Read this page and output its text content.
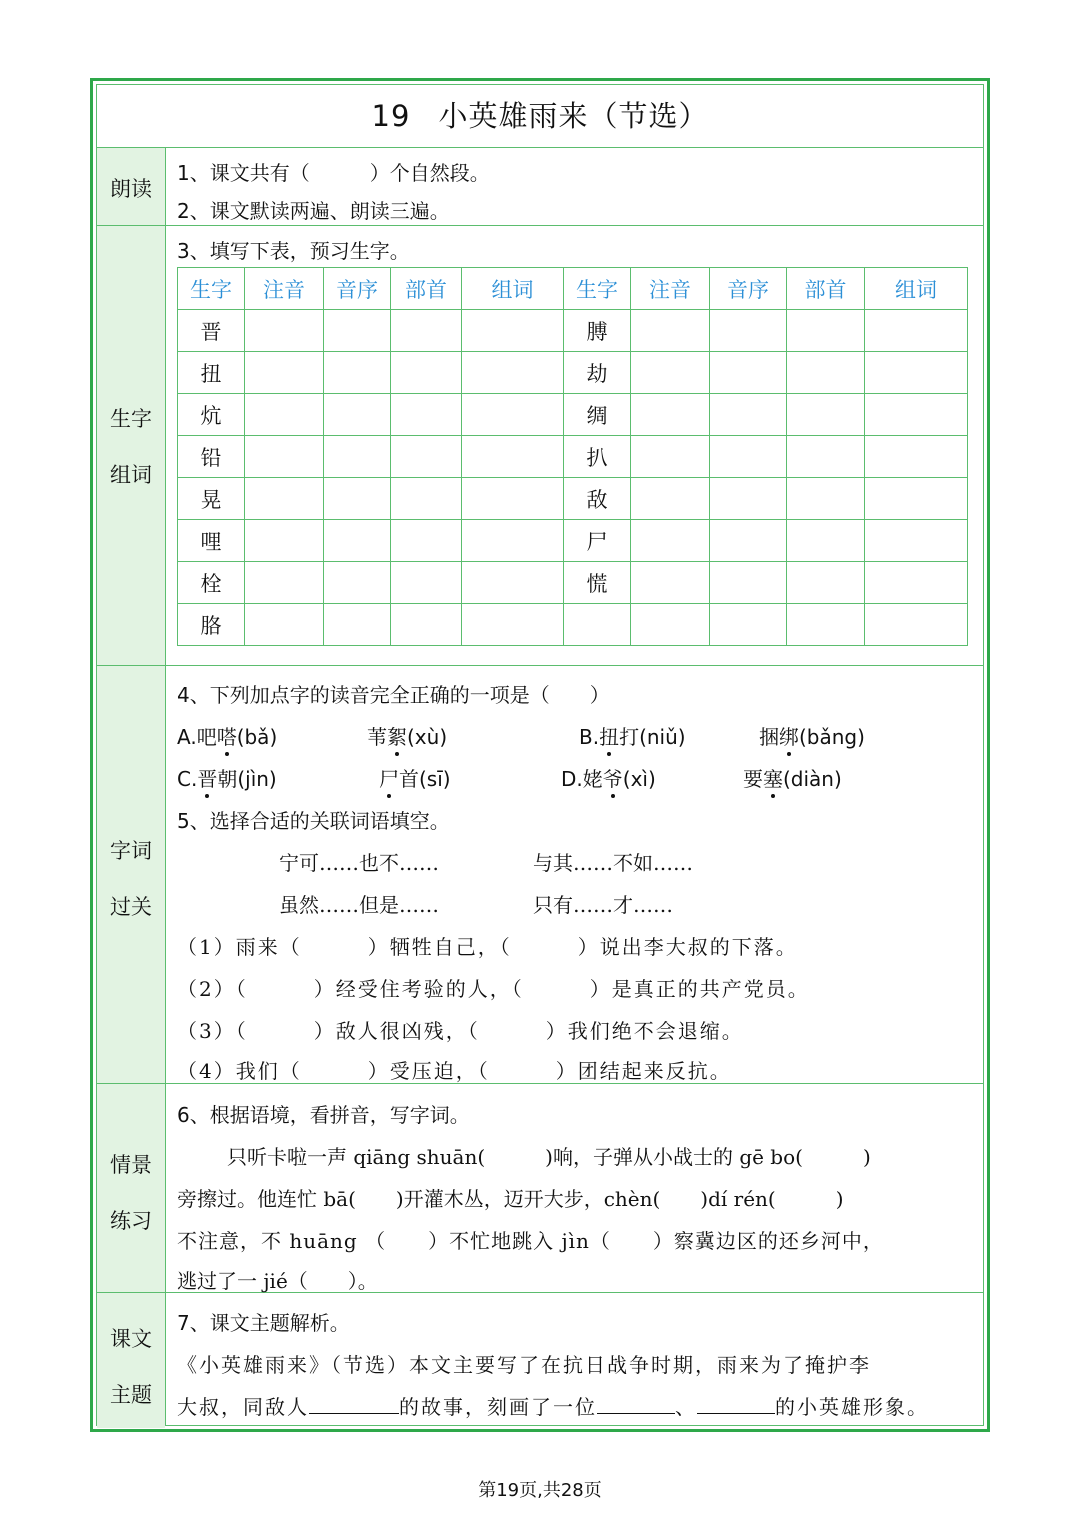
19 小英雄雨来（节选）
朗读
1、课文共有（　　　）个自然段。
2、课文默读两遍、朗读三遍。
生字
组词
3、填写下表，预习生字。
生字	注音	音序	部首	组词	生字	注音	音序	部首	组词
晋					膊				
扭					劫				
炕					绸				
铅					扒				
晃					敌				
哩					尸				
栓					慌				
胳									
字词
过关
4、下列加点字的读音完全正确的一项是（　　）
A.吧嗒(bǎ)	苇絮(xù)	B.扭打(niǔ)	捆绑(bǎng)
C.晋朝(jìn)	尸首(sī)	D.姥爷(xì)	要塞(diàn)
5、选择合适的关联词语填空。
宁可……也不……	与其……不如……
虽然……但是……	只有……才……
（1）雨来（　　　）牺牲自己，（　　　）说出李大叔的下落。
（2）（　　　）经受住考验的人，（　　　）是真正的共产党员。
（3）（　　　）敌人很凶残，（　　　）我们绝不会退缩。
（4）我们（　　　）受压迫，（　　　）团结起来反抗。
情景
练习
6、根据语境，看拼音，写字词。
只听卡啦一声 qiāng shuān(　　　)响，子弹从小战士的 gē bo(　　　)
旁擦过。他连忙 bā(　　)开灌木丛，迈开大步，chèn(　　)dí rén(　　　)
不注意，不 huāng （　　）不忙地跳入 jìn（　　）察冀边区的还乡河中，
逃过了一 jié（　　）。
课文
主题
7、课文主题解析。
《小英雄雨来》（节选）本文主要写了在抗日战争时期，雨来为了掩护李
大叔，同敌人	的故事，刻画了一位	、	的小英雄形象。
第19页,共28页
